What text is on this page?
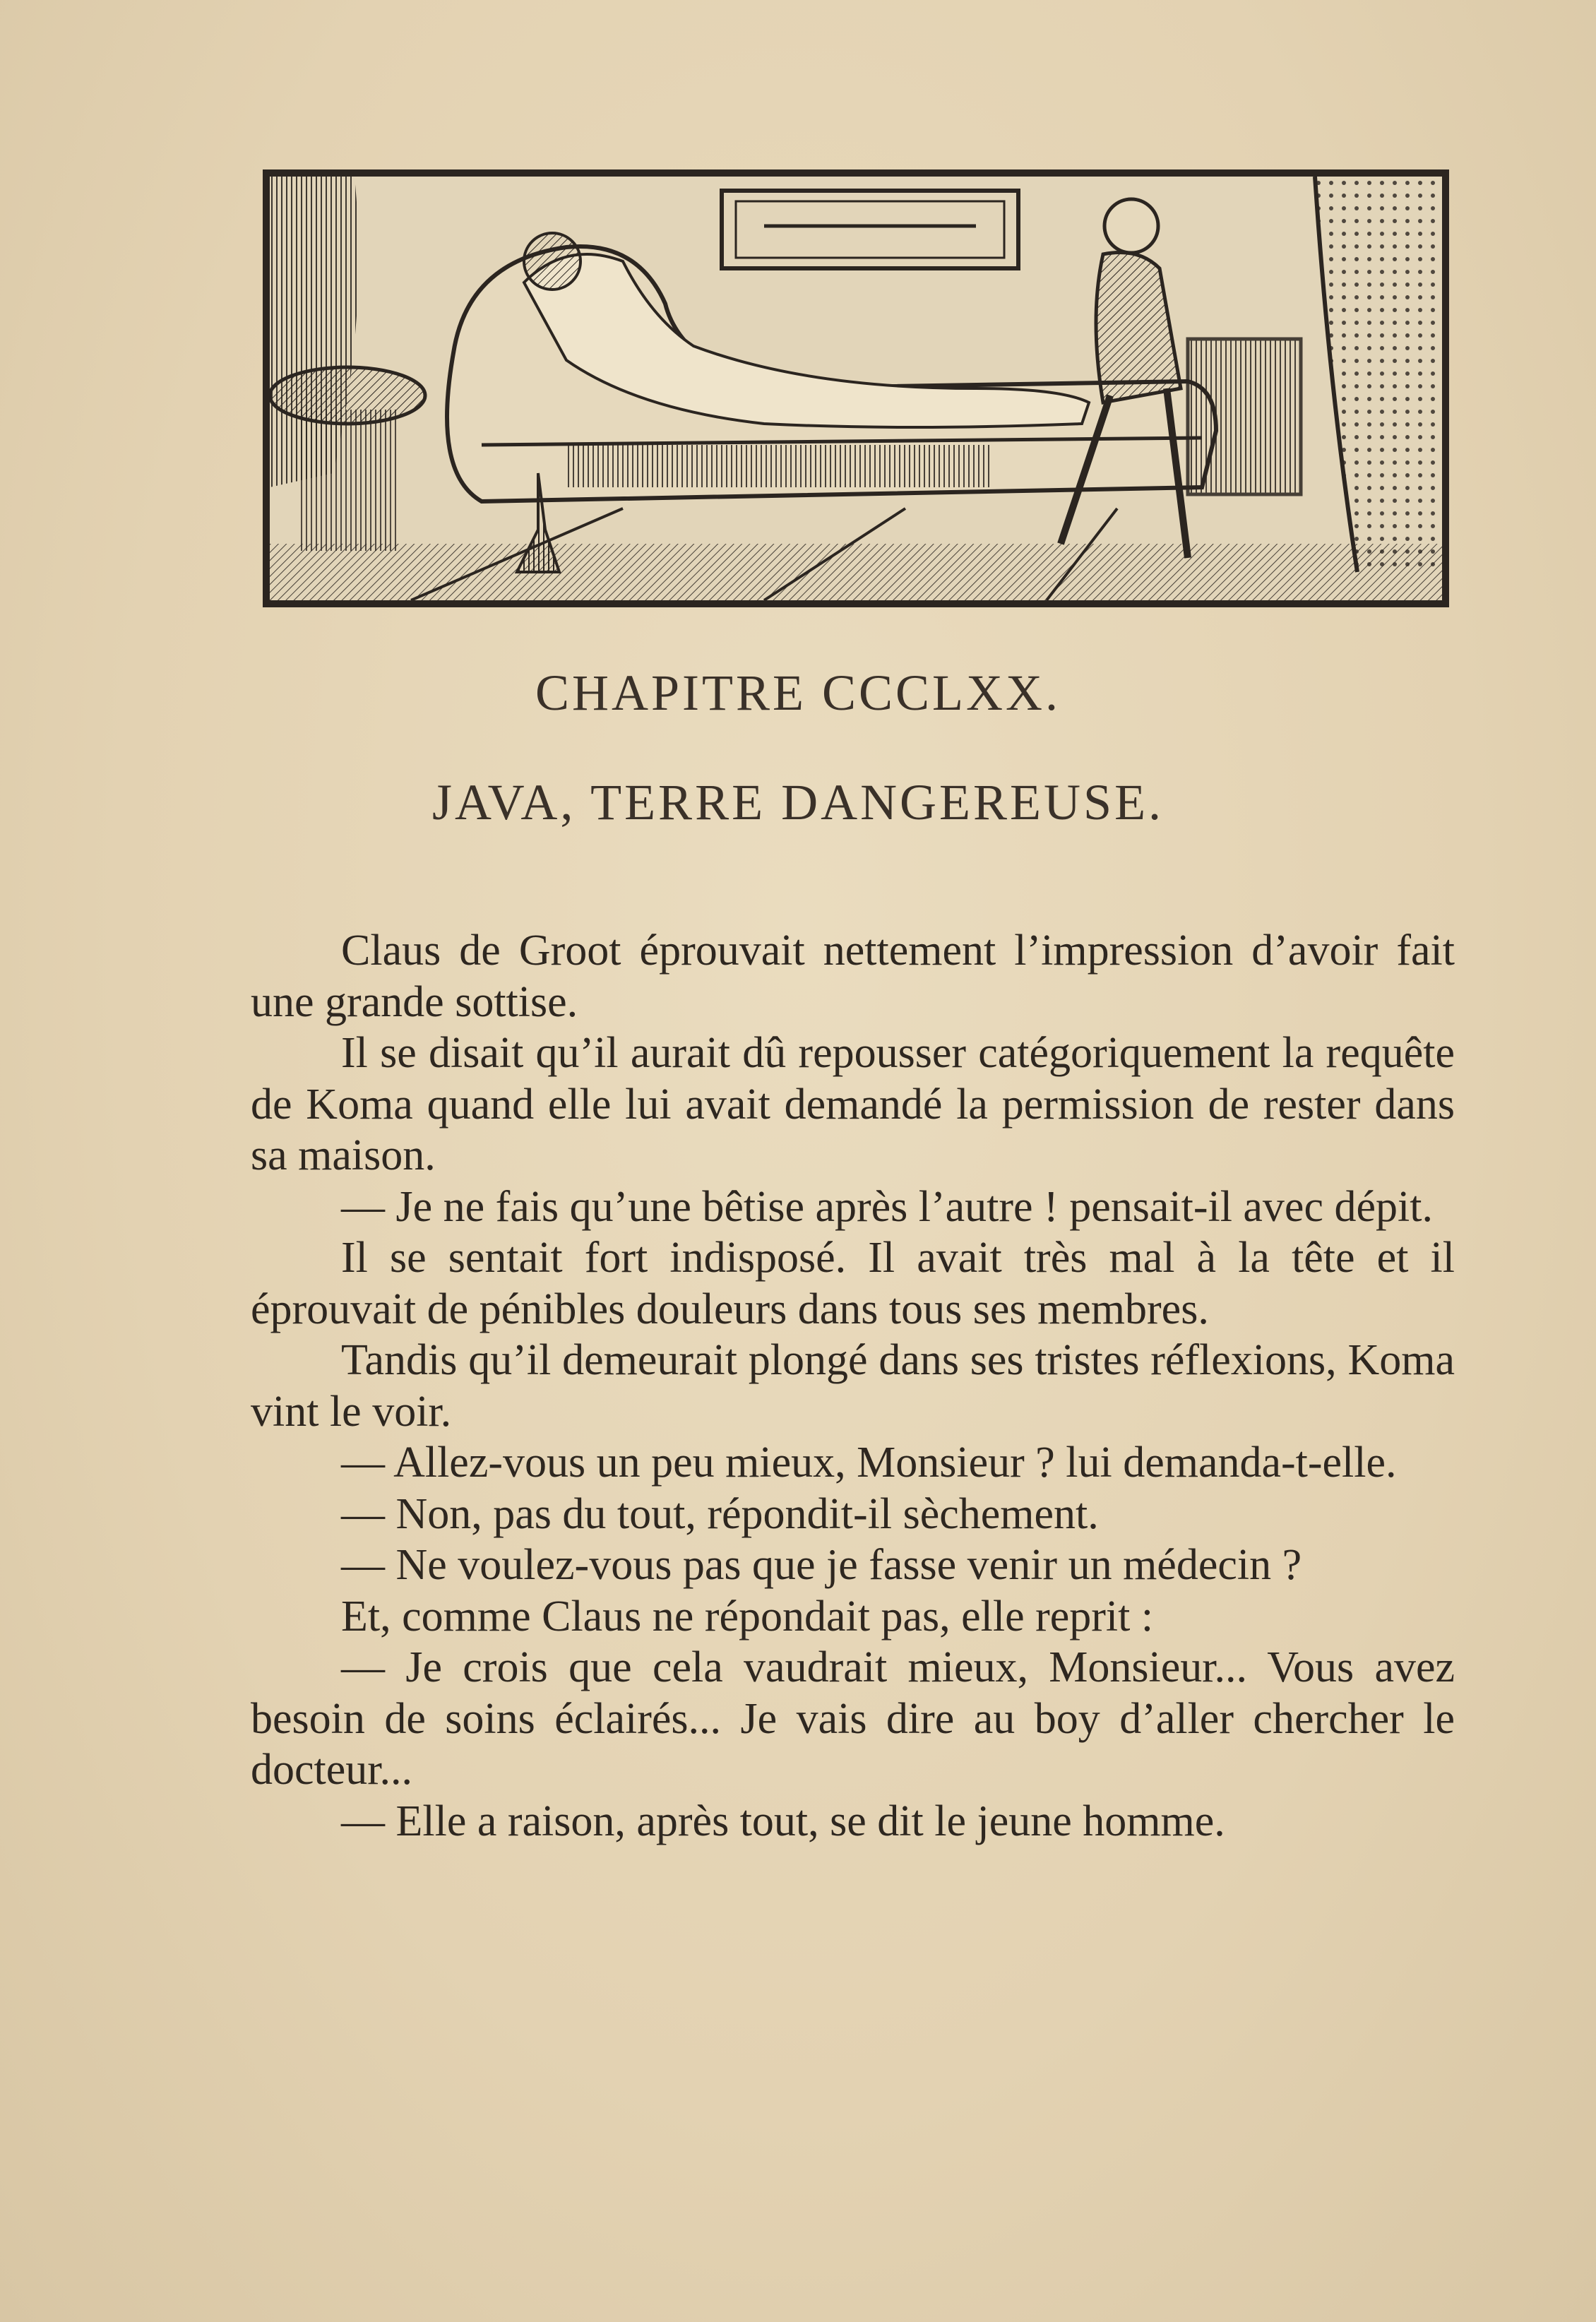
CHAPITRE CCCLXX.
JAVA, TERRE DANGEREUSE.

Claus de Groot éprouvait nettement l’impression d’avoir fait une grande sottise.

Il se disait qu’il aurait dû repousser catégoriquement la requête de Koma quand elle lui avait demandé la permission de rester dans sa maison.

— Je ne fais qu’une bêtise après l’autre ! pensait-il avec dépit.

Il se sentait fort indisposé. Il avait très mal à la tête et il éprouvait de pénibles douleurs dans tous ses membres.

Tandis qu’il demeurait plongé dans ses tristes réflexions, Koma vint le voir.

— Allez-vous un peu mieux, Monsieur ? lui demanda-t-elle.

— Non, pas du tout, répondit-il sèchement.

— Ne voulez-vous pas que je fasse venir un médecin ?

Et, comme Claus ne répondait pas, elle reprit :

— Je crois que cela vaudrait mieux, Monsieur... Vous avez besoin de soins éclairés... Je vais dire au boy d’aller chercher le docteur...

— Elle a raison, après tout, se dit le jeune homme.
